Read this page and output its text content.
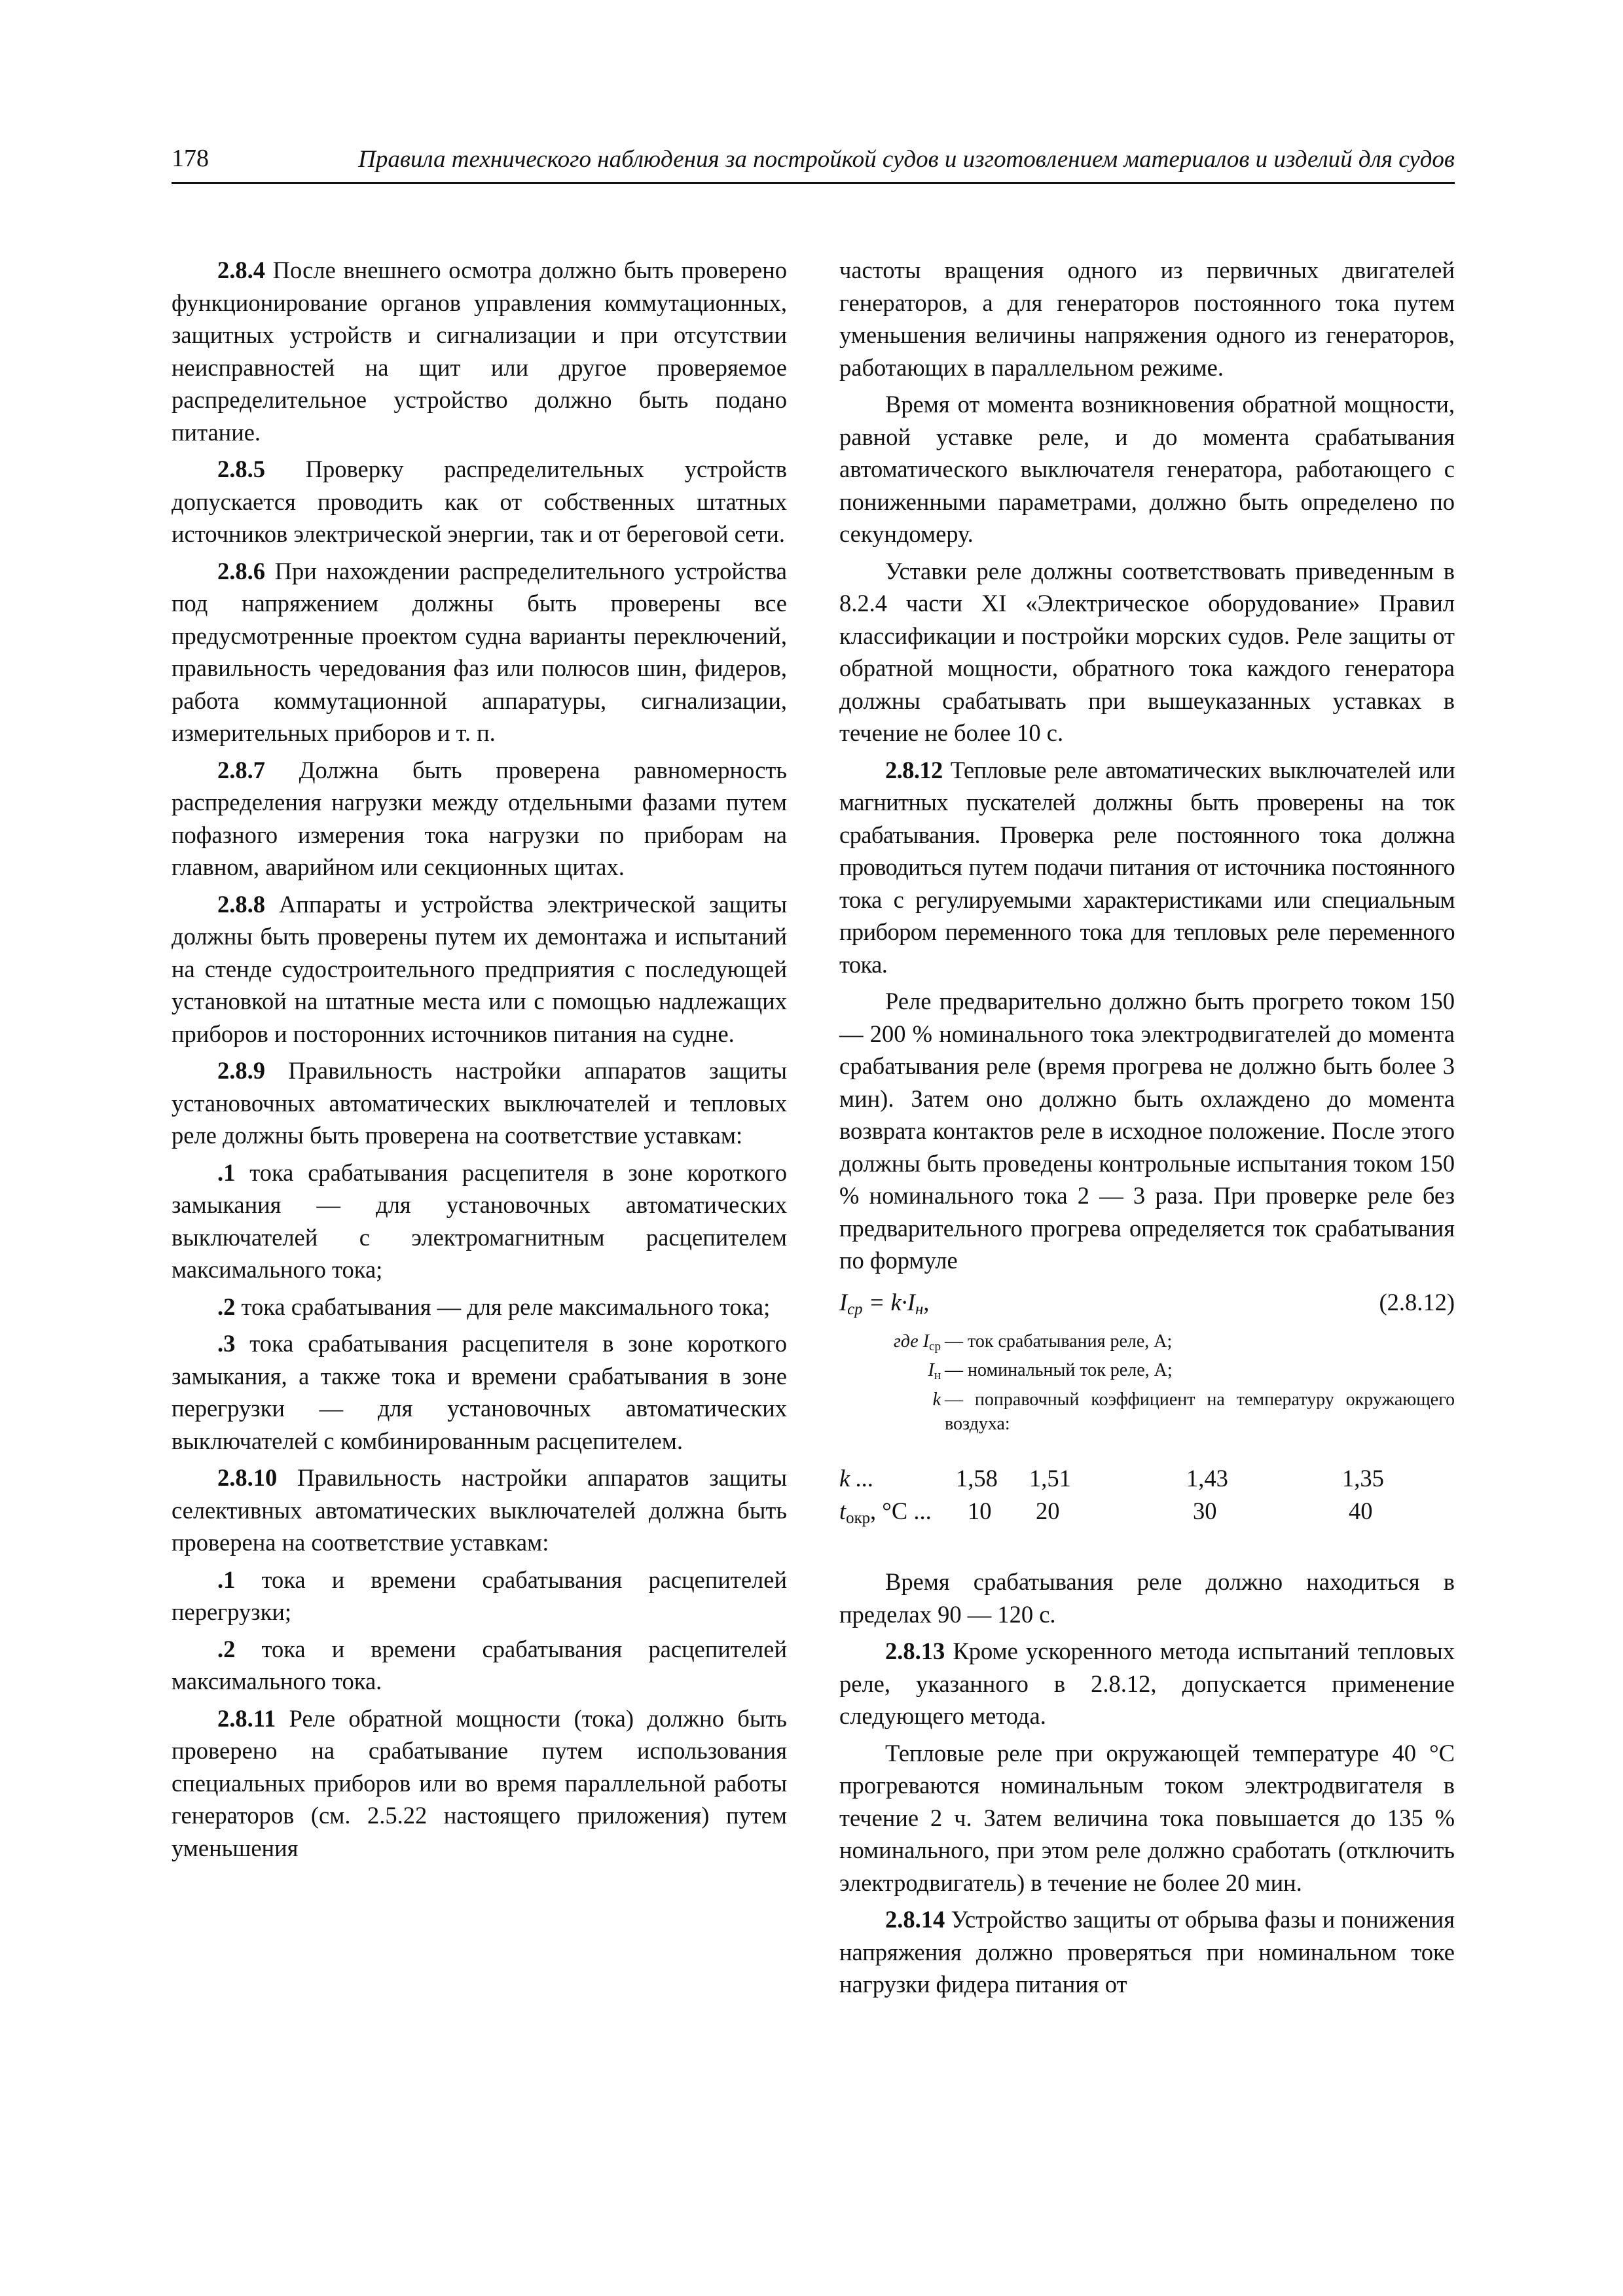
178	Правила технического наблюдения за постройкой судов и изготовлением материалов и изделий для судов

2.8.4 После внешнего осмотра должно быть проверено функционирование органов управления коммутационных, защитных устройств и сигнализации и при отсутствии неисправностей на щит или другое проверяемое распределительное устройство должно быть подано питание.

2.8.5 Проверку распределительных устройств допускается проводить как от собственных штатных источников электрической энергии, так и от береговой сети.

2.8.6 При нахождении распределительного устройства под напряжением должны быть проверены все предусмотренные проектом судна варианты переключений, правильность чередования фаз или полюсов шин, фидеров, работа коммутационной аппаратуры, сигнализации, измерительных приборов и т. п.

2.8.7 Должна быть проверена равномерность распределения нагрузки между отдельными фазами путем пофазного измерения тока нагрузки по приборам на главном, аварийном или секционных щитах.

2.8.8 Аппараты и устройства электрической защиты должны быть проверены путем их демонтажа и испытаний на стенде судостроительного предприятия с последующей установкой на штатные места или с помощью надлежащих приборов и посторонних источников питания на судне.

2.8.9 Правильность настройки аппаратов защиты установочных автоматических выключателей и тепловых реле должны быть проверена на соответствие уставкам:

.1 тока срабатывания расцепителя в зоне короткого замыкания — для установочных автоматических выключателей с электромагнитным расцепителем максимального тока;

.2 тока срабатывания — для реле максимального тока;

.3 тока срабатывания расцепителя в зоне короткого замыкания, а также тока и времени срабатывания в зоне перегрузки — для установочных автоматических выключателей с комбинированным расцепителем.

2.8.10 Правильность настройки аппаратов защиты селективных автоматических выключателей должна быть проверена на соответствие уставкам:

.1 тока и времени срабатывания расцепителей перегрузки;

.2 тока и времени срабатывания расцепителей максимального тока.

2.8.11 Реле обратной мощности (тока) должно быть проверено на срабатывание путем использования специальных приборов или во время параллельной работы генераторов (см. 2.5.22 настоящего приложения) путем уменьшения

частоты вращения одного из первичных двигателей генераторов, а для генераторов постоянного тока путем уменьшения величины напряжения одного из генераторов, работающих в параллельном режиме.

Время от момента возникновения обратной мощности, равной уставке реле, и до момента срабатывания автоматического выключателя генератора, работающего с пониженными параметрами, должно быть определено по секундомеру.

Уставки реле должны соответствовать приведенным в 8.2.4 части XI «Электрическое оборудование» Правил классификации и постройки морских судов. Реле защиты от обратной мощности, обратного тока каждого генератора должны срабатывать при вышеуказанных уставках в течение не более 10 с.

2.8.12 Тепловые реле автоматических выключателей или магнитных пускателей должны быть проверены на ток срабатывания. Проверка реле постоянного тока должна проводиться путем подачи питания от источника постоянного тока с регулируемыми характеристиками или специальным прибором переменного тока для тепловых реле переменного тока.

Реле предварительно должно быть прогрето током 150 — 200 % номинального тока электродвигателей до момента срабатывания реле (время прогрева не должно быть более 3 мин). Затем оно должно быть охлаждено до момента возврата контактов реле в исходное положение. После этого должны быть проведены контрольные испытания током 150 % номинального тока 2 — 3 раза. При проверке реле без предварительного прогрева определяется ток срабатывания по формуле

$I_{ср} = k\cdot I_н$,	(2.8.12)
где $I_{ср}$ — ток срабатывания реле, А;
$I_н$ — номинальный ток реле, А;
k — поправочный коэффициент на температуру окружающего воздуха:
k ...	1,58 1,51	1,43	1,35
$t_{окр}$ , °C ... 10 20	30	40

Время срабатывания реле должно находиться в пределах 90 — 120 с.

2.8.13 Кроме ускоренного метода испытаний тепловых реле, указанного в 2.8.12, допускается применение следующего метода.

Тепловые реле при окружающей температуре 40 °С прогреваются номинальным током электродвигателя в течение 2 ч. Затем величина тока повышается до 135 % номинального, при этом реле должно сработать (отключить электродвигатель) в течение не более 20 мин.

2.8.14 Устройство защиты от обрыва фазы и понижения напряжения должно проверяться при номинальном токе нагрузки фидера питания от
